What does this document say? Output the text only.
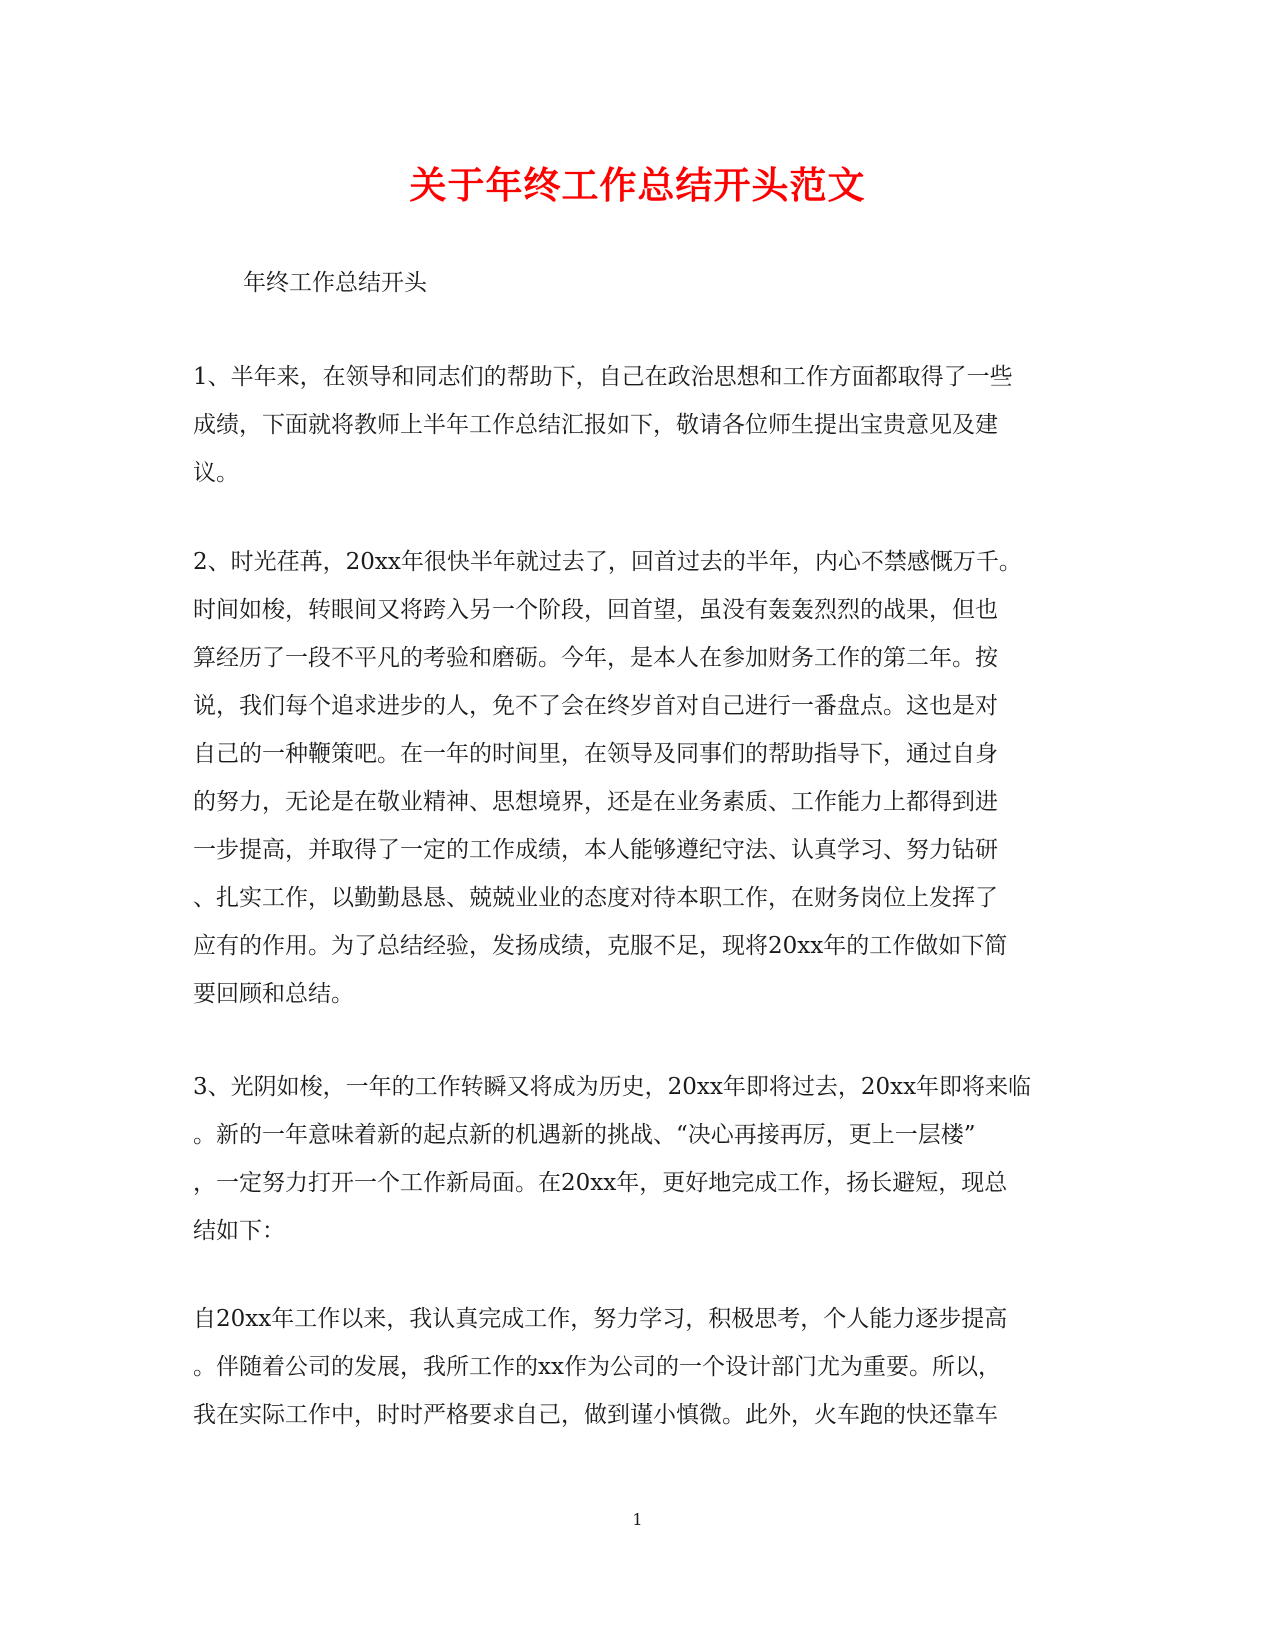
关于年终工作总结开头范文

年终工作总结开头

1、半年来，在领导和同志们的帮助下，自己在政治思想和工作方面都取得了一些
成绩，下面就将教师上半年工作总结汇报如下，敬请各位师生提出宝贵意见及建
议。

2、时光荏苒，20xx年很快半年就过去了，回首过去的半年，内心不禁感慨万千。
时间如梭，转眼间又将跨入另一个阶段，回首望，虽没有轰轰烈烈的战果，但也
算经历了一段不平凡的考验和磨砺。今年，是本人在参加财务工作的第二年。按
说，我们每个追求进步的人，免不了会在终岁首对自己进行一番盘点。这也是对
自己的一种鞭策吧。在一年的时间里，在领导及同事们的帮助指导下，通过自身
的努力，无论是在敬业精神、思想境界，还是在业务素质、工作能力上都得到进
一步提高，并取得了一定的工作成绩，本人能够遵纪守法、认真学习、努力钻研
、扎实工作，以勤勤恳恳、兢兢业业的态度对待本职工作，在财务岗位上发挥了
应有的作用。为了总结经验，发扬成绩，克服不足，现将20xx年的工作做如下简
要回顾和总结。

3、光阴如梭，一年的工作转瞬又将成为历史，20xx年即将过去，20xx年即将来临
。新的一年意味着新的起点新的机遇新的挑战、“决心再接再厉，更上一层楼”
，一定努力打开一个工作新局面。在20xx年，更好地完成工作，扬长避短，现总
结如下：

自20xx年工作以来，我认真完成工作，努力学习，积极思考，个人能力逐步提高
。伴随着公司的发展，我所工作的xx作为公司的一个设计部门尤为重要。所以，
我在实际工作中，时时严格要求自己，做到谨小慎微。此外，火车跑的快还靠车

1
